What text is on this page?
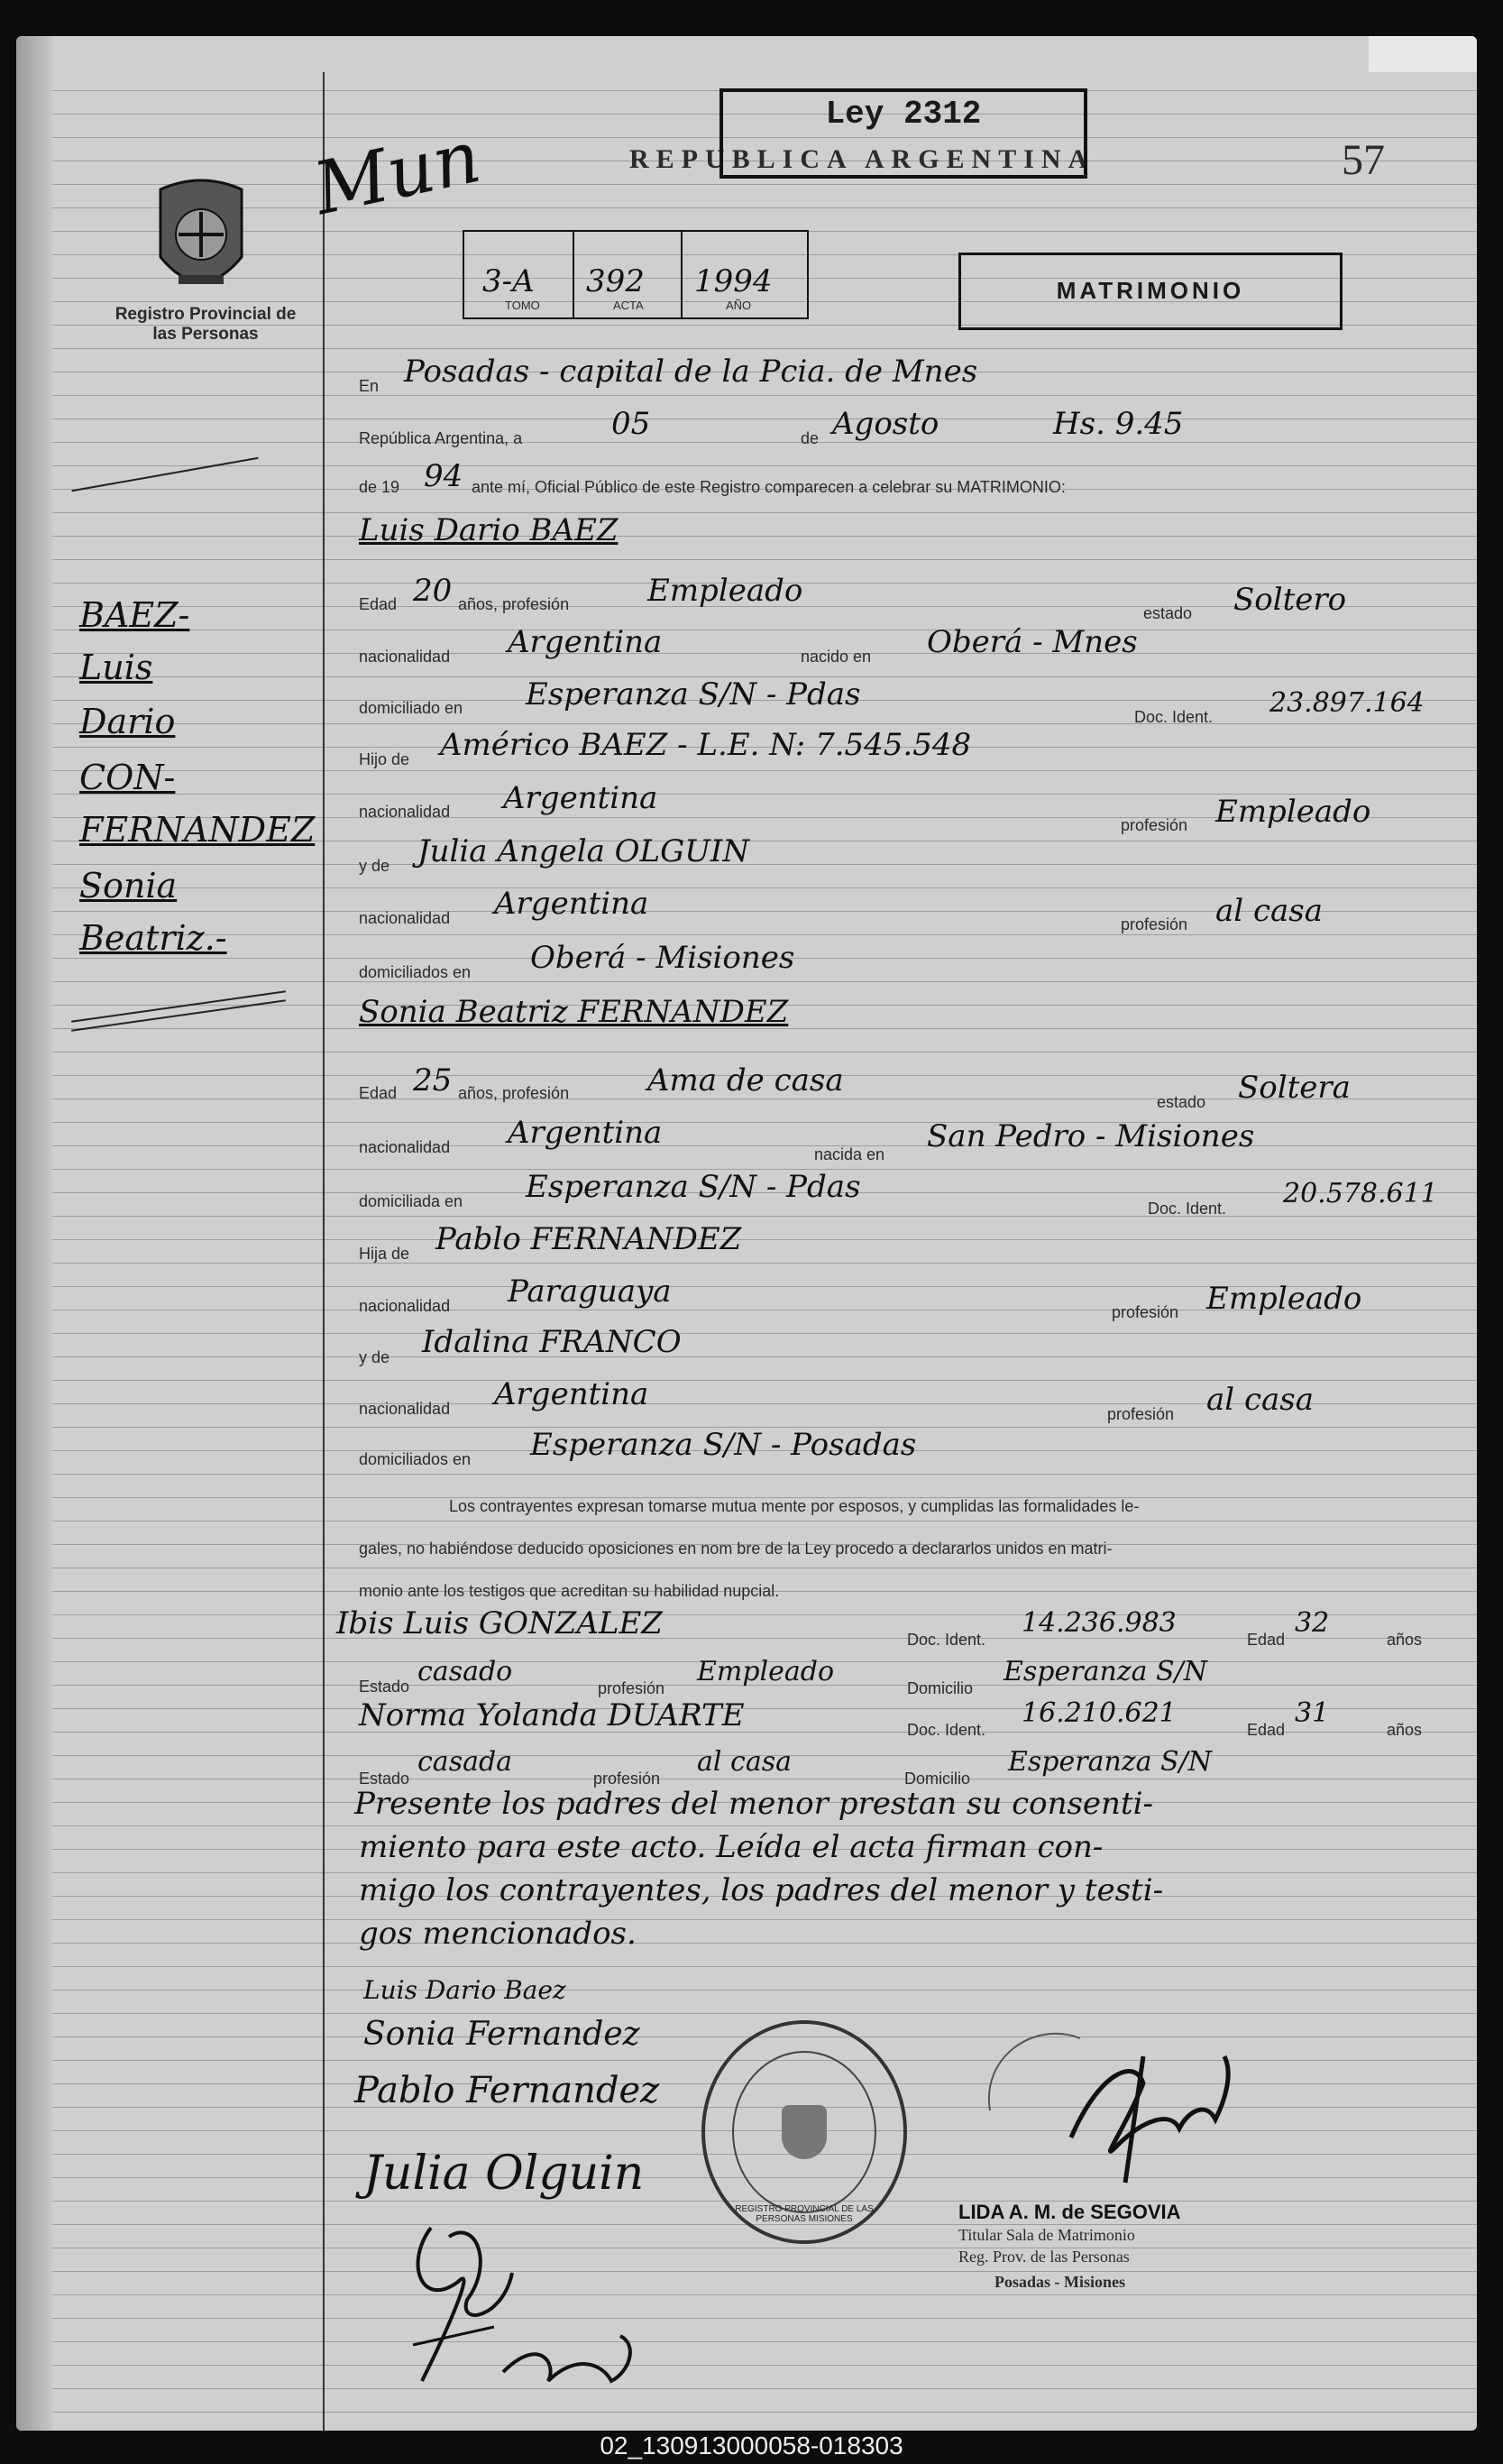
Registro Provincial de las Personas
Mun	REPUBLICA ARGENTINA
Ley 2312
57
3-A 392 1994
TOMO	ACTA	AÑO
MATRIMONIO
En Posadas - capital de la Pcia. de Mnes
República Argentina, a	05	de Agosto	Hs. 9.45
de 19 94 ante mí, Oficial Público de este Registro comparecen a celebrar su MATRIMONIO:
BAEZ-
Luis
Dario
CON-
FERNANDEZ
Sonia
Beatriz.-
Luis Dario BAEZ
Edad 20 años, profesión	Empleado
estado Soltero
nacionalidad Argentina	nacido en Oberá - Mnes
domiciliado en Esperanza S/N - Pdas
Doc. Ident. 23.897.164
Hijo de Américo BAEZ - L.E. N: 7.545.548
nacionalidad Argentina
profesión Empleado
y de Julia Angela OLGUIN
nacionalidad Argentina
profesión al casa
domiciliados en Oberá - Misiones
Sonia Beatriz FERNANDEZ
Edad 25 años, profesión	Ama de casa
estado Soltera
nacionalidad Argentina
nacida en San Pedro - Misiones
domiciliada en Esperanza S/N - Pdas
Doc. Ident. 20.578.611
Hija de Pablo FERNANDEZ
nacionalidad Paraguaya
profesión Empleado
y de Idalina FRANCO
nacionalidad Argentina
profesión al casa
domiciliados en Esperanza S/N - Posadas
Los contrayentes expresan tomarse mutua mente por esposos, y cumplidas las formalidades le-
gales, no habiéndose deducido oposiciones en nom bre de la Ley procedo a declararlos unidos en matri-
monio ante los testigos que acreditan su habilidad nupcial.
Ibis Luis GONZALEZ	Doc. Ident.
14.236.983
Edad
32
años
Estado casado
profesión
Empleado
Domicilio
Esperanza S/N
Norma Yolanda DUARTE	Doc. Ident.
16.210.621
Edad
31
años
Estado
casada
profesión
al casa
Domicilio
Esperanza S/N
Presente los padres del menor prestan su consenti-
miento para este acto. Leída el acta firman con-
migo los contrayentes, los padres del menor y testi-
gos mencionados.
Luis Dario Baez
Sonia Fernandez
Pablo Fernandez
Julia Olguin
REGISTRO PROVINCIAL DE LAS PERSONAS MISIONES	LIDA A. M. de SEGOVIA
Titular Sala de Matrimonio
Reg. Prov. de las Personas
Posadas - Misiones
02_130913000058-018303
